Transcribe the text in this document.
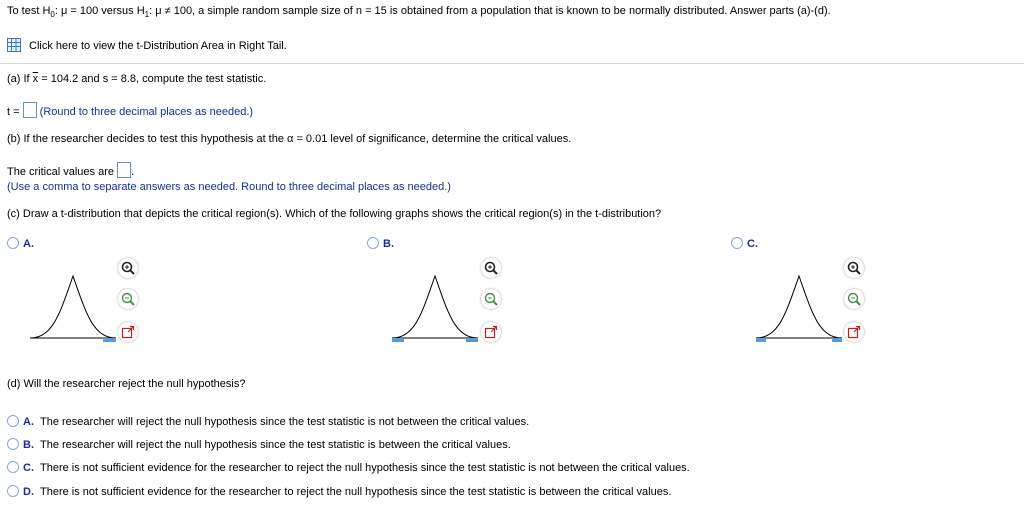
To test $H_0$: μ = 100 versus $H_1$: μ ≠ 100, a simple random sample size of n = 15 is obtained from a population that is known to be normally distributed. Answer parts (a)-(d).
Click here to view the t-Distribution Area in Right Tail.
(a) If $\overline{x} = 104.2$ and s = 8.8, compute the test statistic.
t = (Round to three decimal places as needed.)
(b) If the researcher decides to test this hypothesis at the α = 0.01 level of significance, determine the critical values.
The critical values are .
(Use a comma to separate answers as needed. Round to three decimal places as needed.)
(c) Draw a t-distribution that depicts the critical region(s). Which of the following graphs shows the critical region(s) in the t-distribution?
A.	B.	C.
(d) Will the researcher reject the null hypothesis?
A. The researcher will reject the null hypothesis since the test statistic is not between the critical values.
B. The researcher will reject the null hypothesis since the test statistic is between the critical values.
C. There is not sufficient evidence for the researcher to reject the null hypothesis since the test statistic is not between the critical values.
D. There is not sufficient evidence for the researcher to reject the null hypothesis since the test statistic is between the critical values.
